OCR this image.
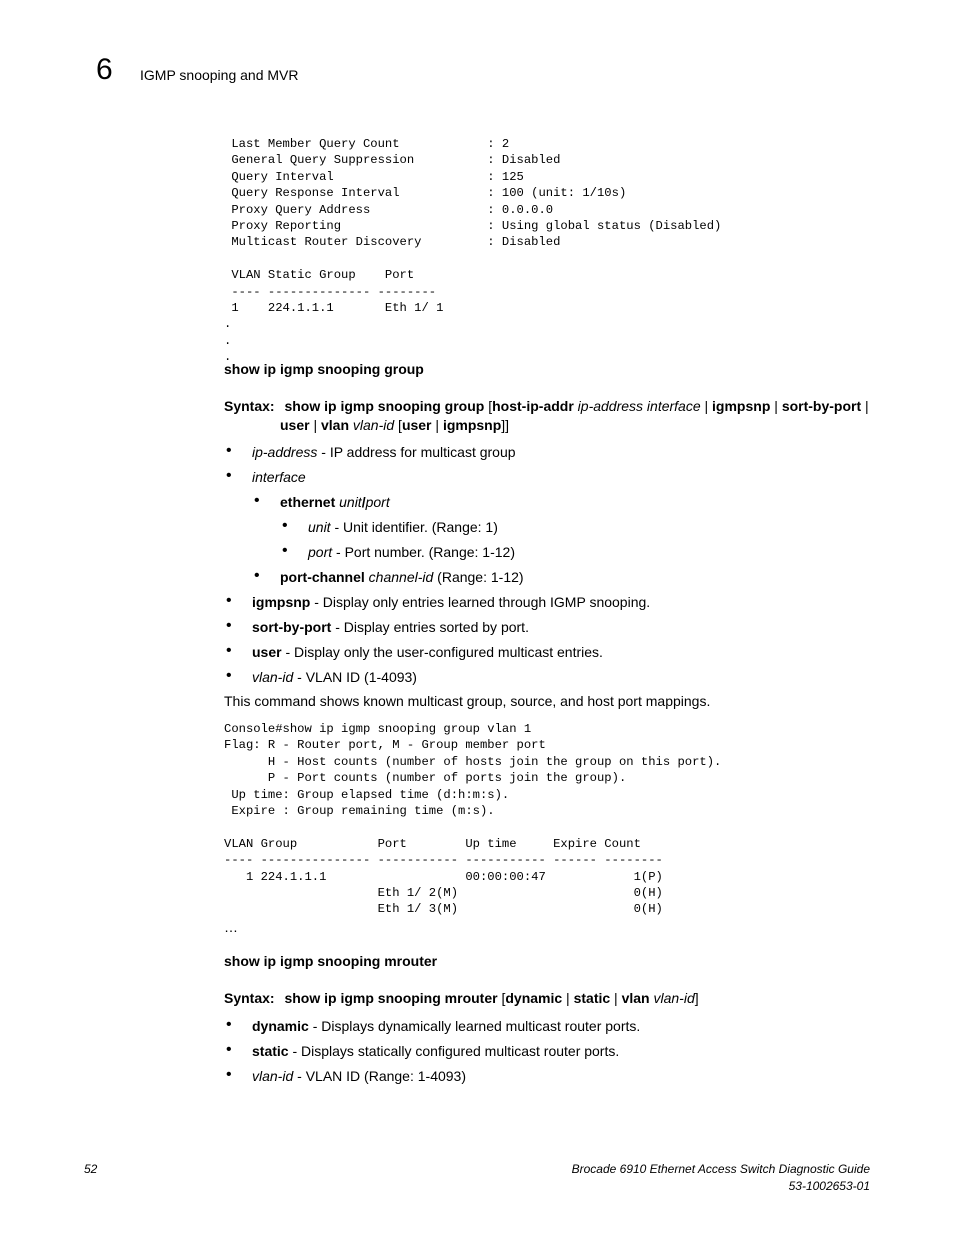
6 IGMP snooping and MVR
Last Member Query Count            : 2
General Query Suppression          : Disabled
Query Interval                     : 125
Query Response Interval            : 100 (unit: 1/10s)
Proxy Query Address                : 0.0.0.0
Proxy Reporting                    : Using global status (Disabled)
Multicast Router Discovery         : Disabled

VLAN Static Group    Port
---- -------------- --------
1    224.1.1.1       Eth 1/ 1
.
.
.
show ip igmp snooping group
Syntax: show ip igmp snooping group [host-ip-addr ip-address interface | igmpsnp | sort-by-port |
user | vlan vlan-id [user | igmpsnp]]
This command shows known multicast group, source, and host port mappings.
Console#show ip igmp snooping group vlan 1
Flag: R - Router port, M - Group member port
H - Host counts (number of hosts join the group on this port).
P - Port counts (number of ports join the group).
Up time: Group elapsed time (d:h:m:s).
Expire : Group remaining time (m:s).

VLAN Group           Port        Up time     Expire Count
---- --------------- ----------- ----------- ------ --------
1 224.1.1.1                   00:00:00:47            1(P)
Eth 1/ 2(M)                        0(H)
Eth 1/ 3(M)                        0(H)
…
show ip igmp snooping mrouter
Syntax: show ip igmp snooping mrouter [dynamic | static | vlan vlan-id]
52	Brocade 6910 Ethernet Access Switch Diagnostic Guide
53-1002653-01
• ip-address - IP address for multicast group
• interface
• ethernet unit/port
• unit - Unit identifier. (Range: 1)
• port - Port number. (Range: 1-12)
• port-channel channel-id (Range: 1-12)
• igmpsnp - Display only entries learned through IGMP snooping.
• sort-by-port - Display entries sorted by port.
• user - Display only the user-configured multicast entries.
• vlan-id - VLAN ID (1-4093)
• dynamic - Displays dynamically learned multicast router ports.
• static - Displays statically configured multicast router ports.
• vlan-id - VLAN ID (Range: 1-4093)
